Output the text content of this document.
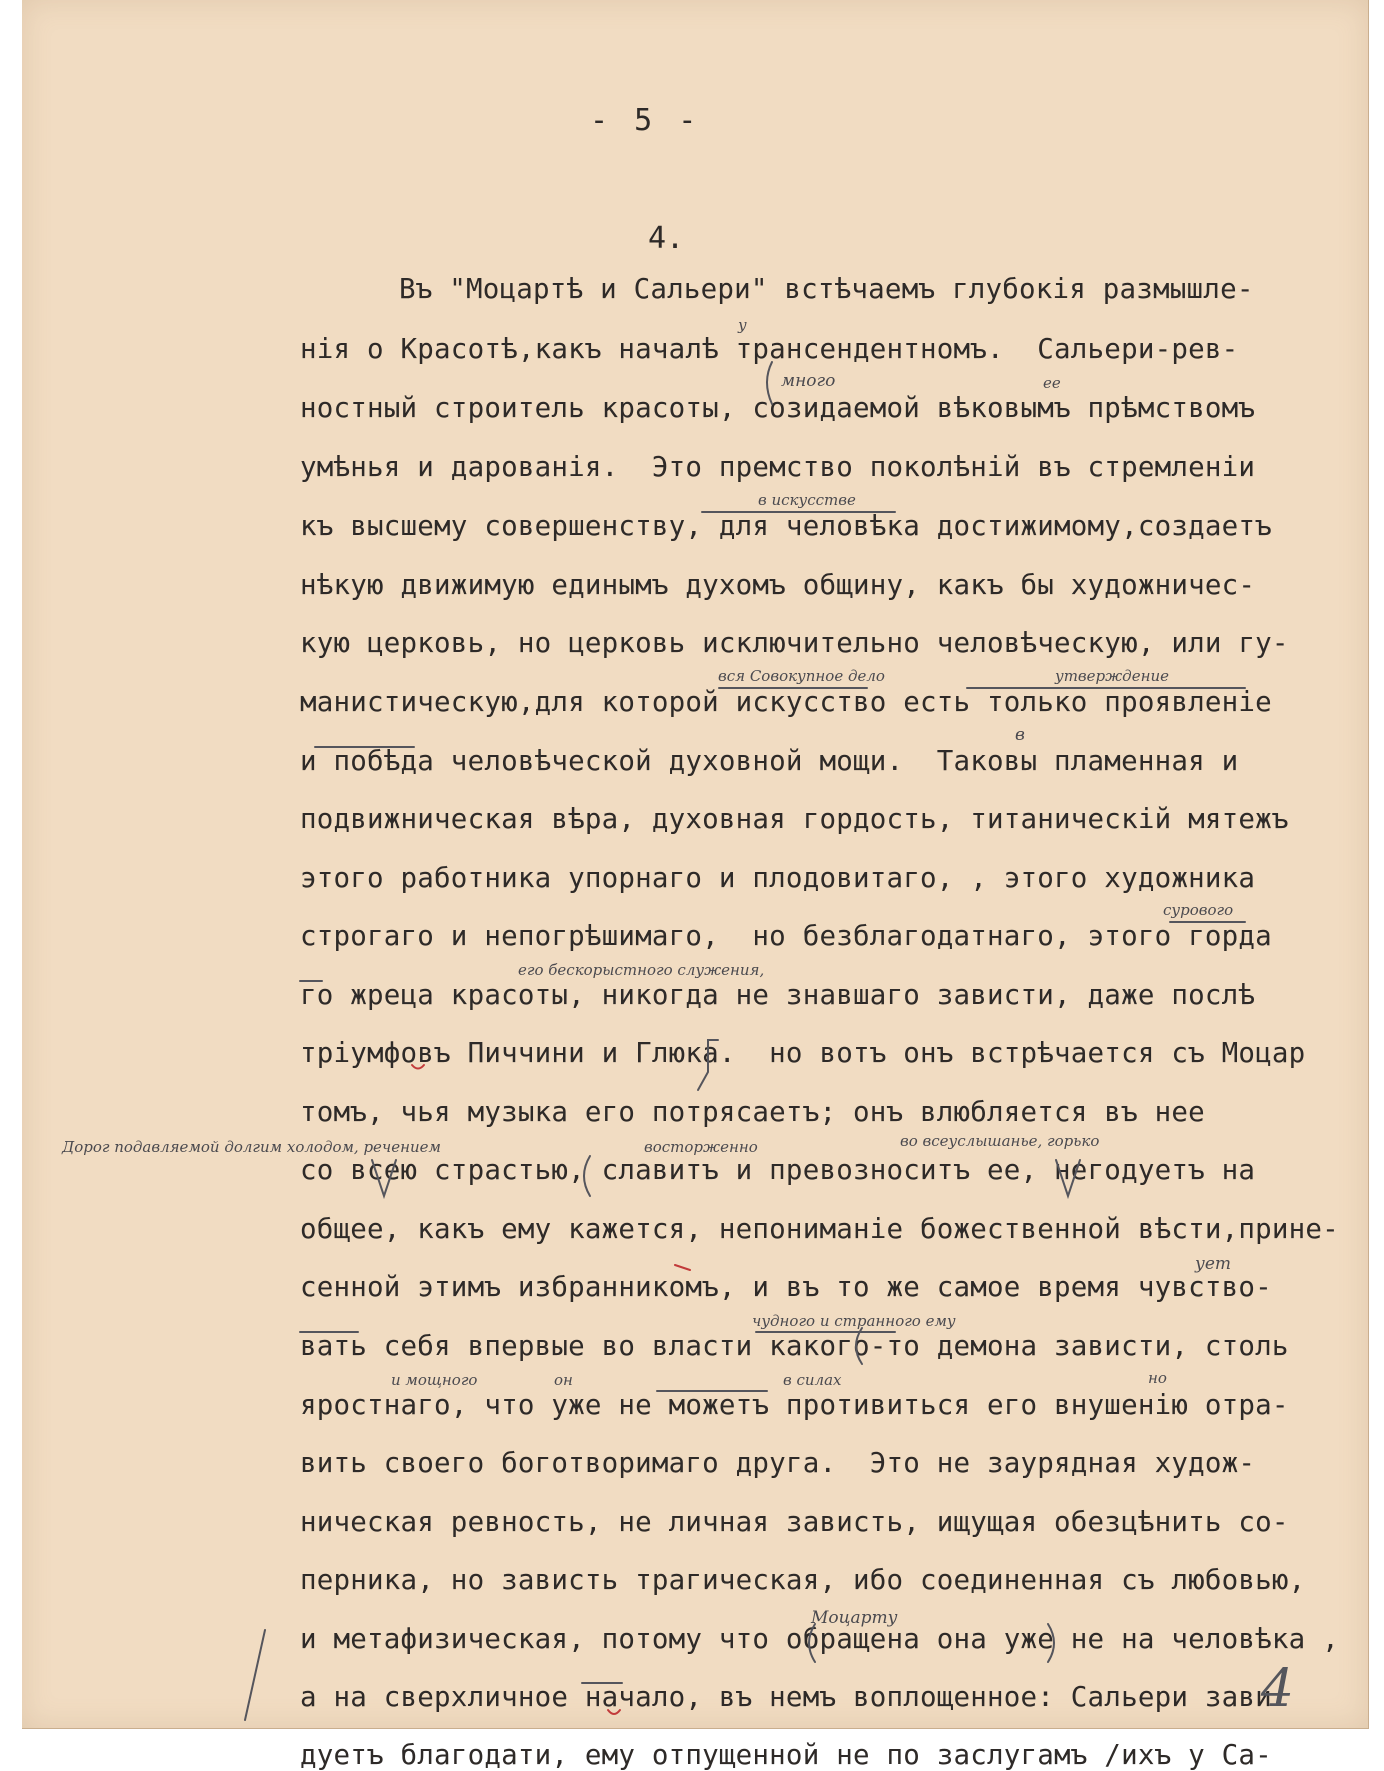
- 5 -
4.
Въ "Моцартѣ и Сальери" встѣчаемъ глубокія размышле-
нія о Красотѣ,какъ началѣ трансендентномъ.  Сальери-рев-
ностный строитель красоты, созидаемой вѣковымъ прѣмствомъ
умѣнья и дарованія.  Это премство поколѣній въ стремленіи
къ высшему совершенству, для человѣка достижимому,создаетъ
нѣкую движимую единымъ духомъ общину, какъ бы художничес-
кую церковь, но церковь исключительно человѣческую, или гу-
манистическую,для которой искусство есть только проявленіе
и побѣда человѣческой духовной мощи.  Таковы пламенная и
подвижническая вѣра, духовная гордость, титаническій мятежъ
этого работника упорнаго и плодовитаго, , этого художника
строгаго и непогрѣшимаго,  но безблагодатнаго, этого горда
го жреца красоты, никогда не знавшаго зависти, даже послѣ
тріумфовъ Пиччини и Глюка.  но вотъ онъ встрѣчается съ Моцар
томъ, чья музыка его потрясаетъ; онъ влюбляется въ нее
со всею страстью, славитъ и превозноситъ ее, негодуетъ на
общее, какъ ему кажется, непониманіе божественной вѣсти,прине-
сенной этимъ избранникомъ, и въ то же самое время чувство-
вать себя впервые во власти какого-то демона зависти, столь
яростнаго, что уже не можетъ противиться его внушенію отра-
вить своего боготворимаго друга.  Это не заурядная худож-
ническая ревность, не личная зависть, ищущая обезцѣнить со-
перника, но зависть трагическая, ибо соединенная съ любовью,
и метафизическая, потому что обращена она уже не на человѣка ,
а на сверхличное начало, въ немъ воплощенное: Сальери зави
дуетъ благодати, ему отпущенной не по заслугамъ /ихъ у Са-
у
много	ее
в искусстве
вся Совокупное дело	утверждение
в
сурового
его бескорыстного служения,
Дорог подавляемой долгим холодом, речением	восторженно	во всеуслышанье, горько
ует
чудного и странного ему
и мощного	он	в силах	но
Моцарту
4
